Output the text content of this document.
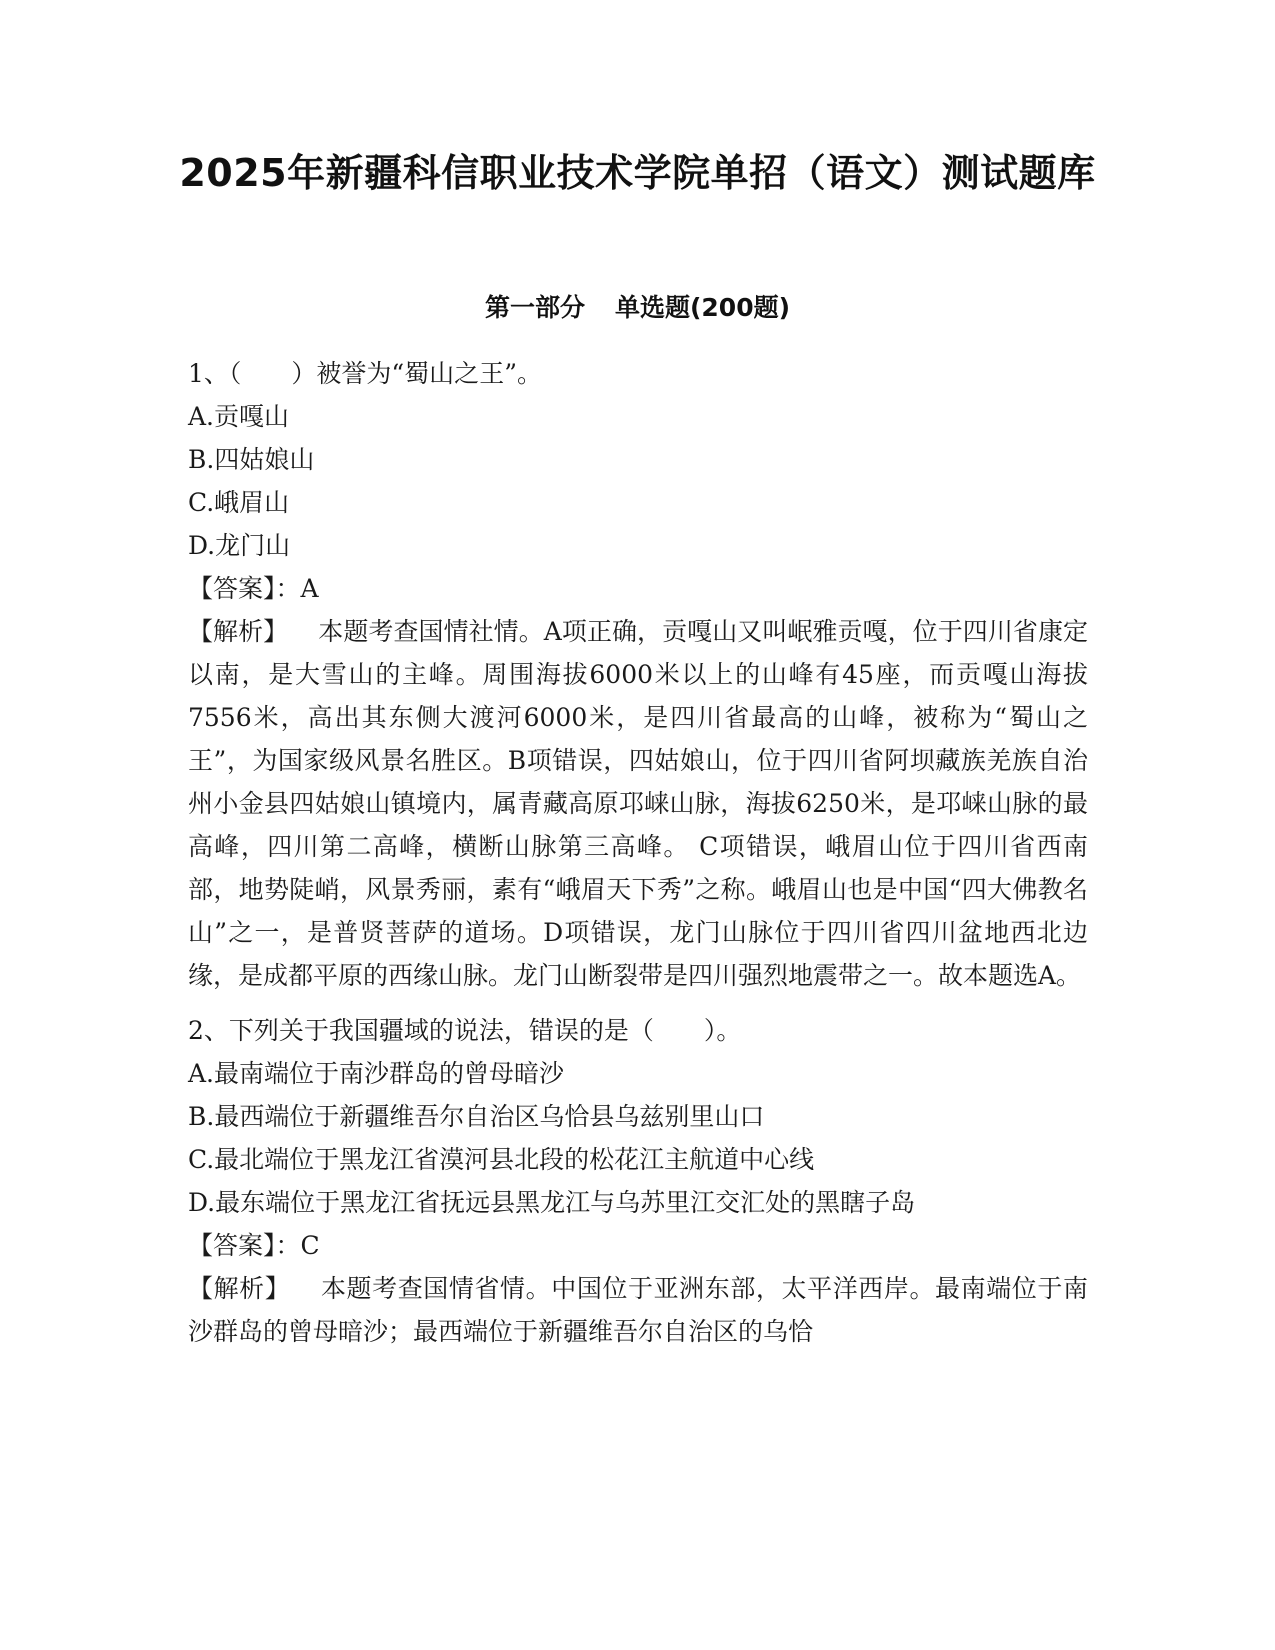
2025年新疆科信职业技术学院单招（语文）测试题库
第一部分 单选题(200题)

1、（　　）被誉为“蜀山之王”。

A.贡嘎山

B.四姑娘山

C.峨眉山

D.龙门山

【答案】：A

【解析】 本题考查国情社情。A项正确，贡嘎山又叫岷雅贡嘎，位于四川省康定以南，是大雪山的主峰。周围海拔6000米以上的山峰有45座，而贡嘎山海拔7556米，高出其东侧大渡河6000米，是四川省最高的山峰，被称为“蜀山之王”，为国家级风景名胜区。B项错误，四姑娘山，位于四川省阿坝藏族羌族自治州小金县四姑娘山镇境内，属青藏高原邛崃山脉，海拔6250米，是邛崃山脉的最高峰，四川第二高峰，横断山脉第三高峰。 C项错误，峨眉山位于四川省西南部，地势陡峭，风景秀丽，素有“峨眉天下秀”之称。峨眉山也是中国“四大佛教名山”之一，是普贤菩萨的道场。D项错误，龙门山脉位于四川省四川盆地西北边缘，是成都平原的西缘山脉。龙门山断裂带是四川强烈地震带之一。故本题选A。

2、下列关于我国疆域的说法，错误的是（　　）。

A.最南端位于南沙群岛的曾母暗沙

B.最西端位于新疆维吾尔自治区乌恰县乌兹别里山口

C.最北端位于黑龙江省漠河县北段的松花江主航道中心线

D.最东端位于黑龙江省抚远县黑龙江与乌苏里江交汇处的黑瞎子岛

【答案】：C

【解析】 本题考查国情省情。中国位于亚洲东部，太平洋西岸。最南端位于南沙群岛的曾母暗沙；最西端位于新疆维吾尔自治区的乌恰
